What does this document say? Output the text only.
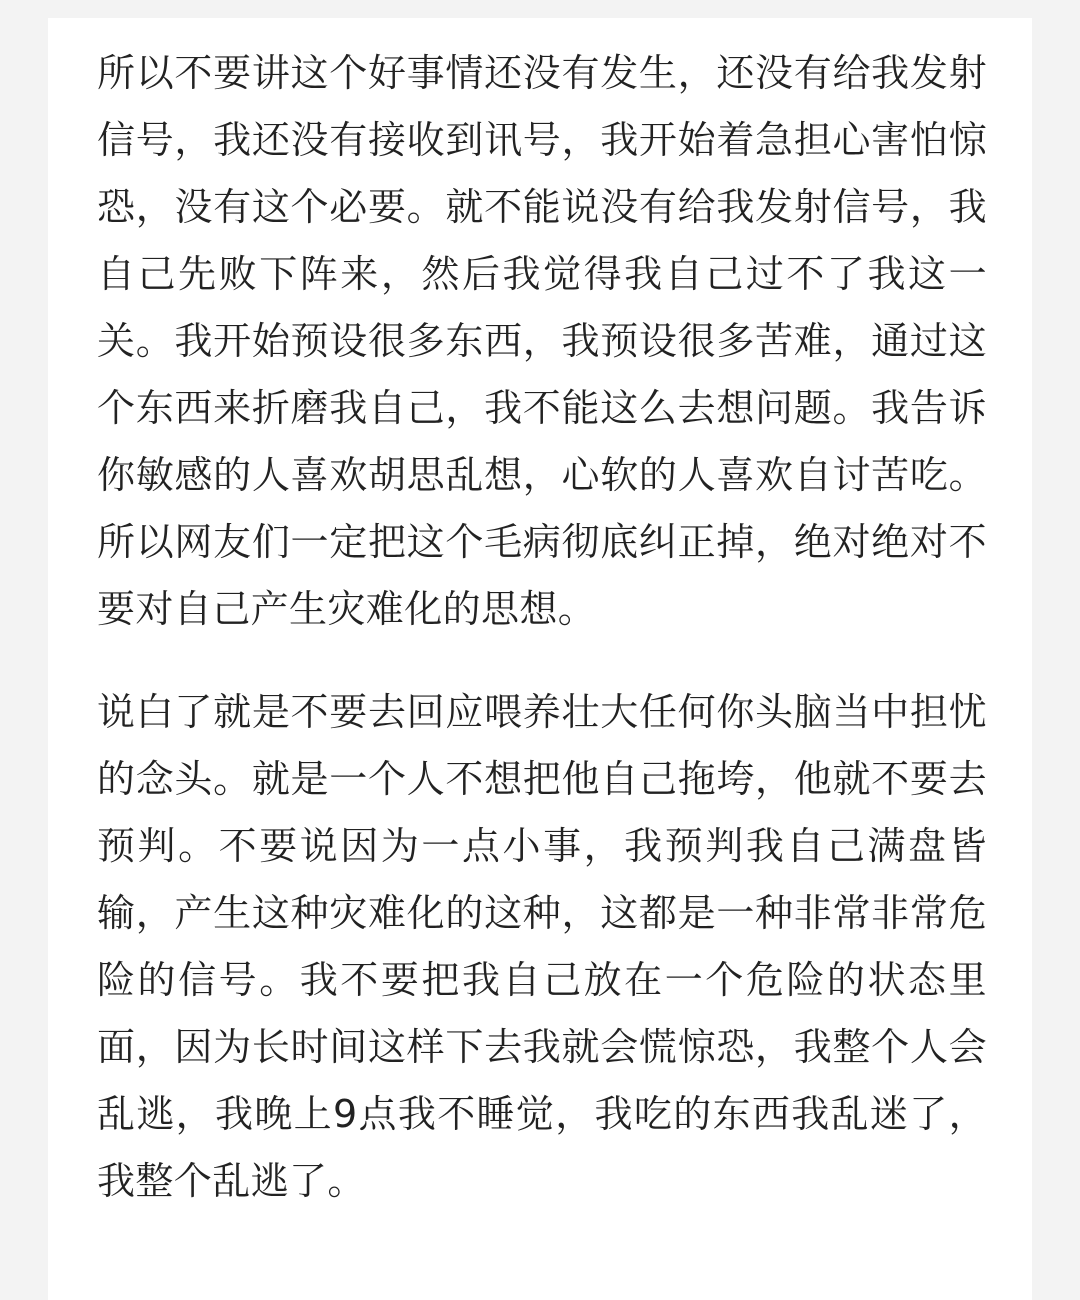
所以不要讲这个好事情还没有发生，还没有给我发射信号，我还没有接收到讯号，我开始着急担心害怕惊恐，没有这个必要。就不能说没有给我发射信号，我自己先败下阵来，然后我觉得我自己过不了我这一关。我开始预设很多东西，我预设很多苦难，通过这个东西来折磨我自己，我不能这么去想问题。我告诉你敏感的人喜欢胡思乱想，心软的人喜欢自讨苦吃。所以网友们一定把这个毛病彻底纠正掉，绝对绝对不要对自己产生灾难化的思想。

说白了就是不要去回应喂养壮大任何你头脑当中担忧的念头。就是一个人不想把他自己拖垮，他就不要去预判。不要说因为一点小事，我预判我自己满盘皆输，产生这种灾难化的这种，这都是一种非常非常危险的信号。我不要把我自己放在一个危险的状态里面，因为长时间这样下去我就会慌惊恐，我整个人会乱逃，我晚上9点我不睡觉，我吃的东西我乱迷了，我整个乱逃了。
